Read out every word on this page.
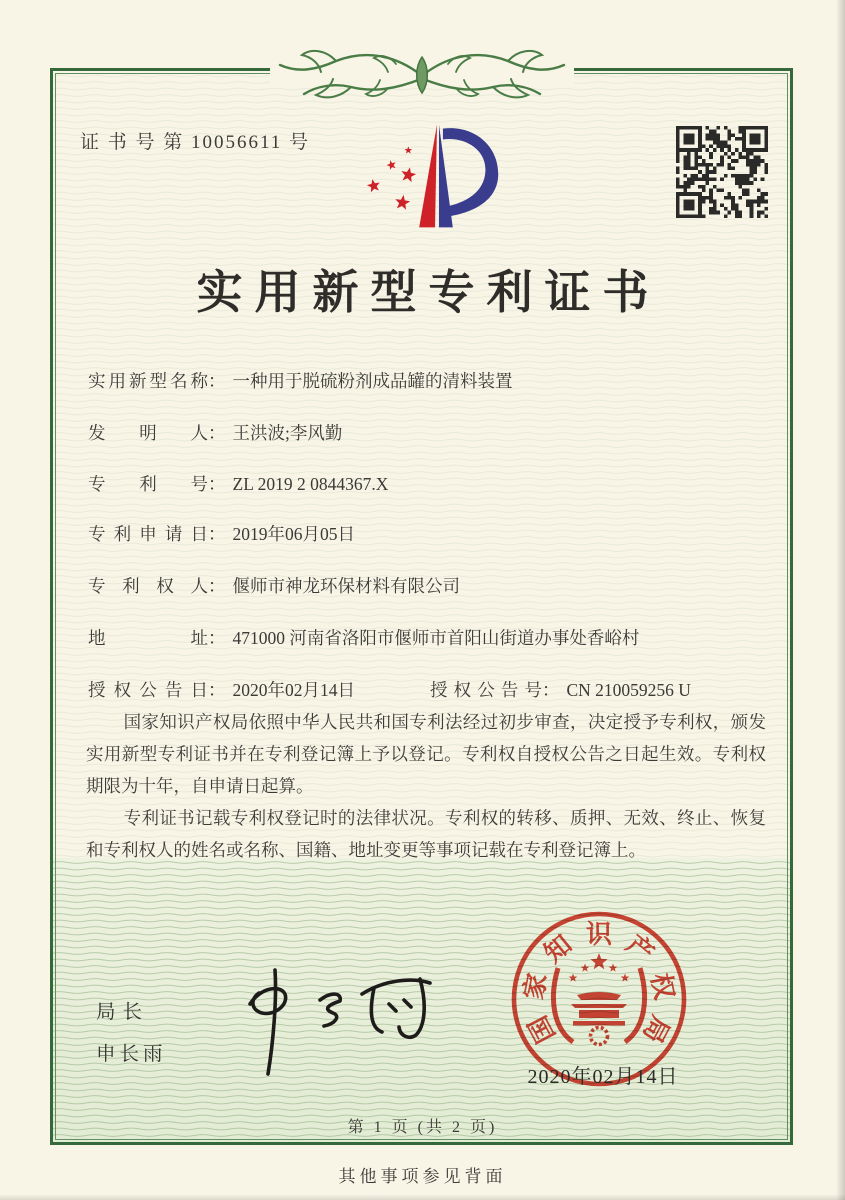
证 书 号 第 10056611 号
实用新型专利证书
实用新型名称： 一种用于脱硫粉剂成品罐的清料装置
发明人： 王洪波;李风勤
专利号： ZL 2019 2 0844367.X
专利申请日： 2019年06月05日
专利权人： 偃师市神龙环保材料有限公司
地址： 471000 河南省洛阳市偃师市首阳山街道办事处香峪村
授权公告日： 2020年02月14日	授权公告号： CN 210059256 U

国家知识产权局依照中华人民共和国专利法经过初步审查，决定授予专利权，颁发实用新型专利证书并在专利登记簿上予以登记。专利权自授权公告之日起生效。专利权期限为十年，自申请日起算。

专利证书记载专利权登记时的法律状况。专利权的转移、质押、无效、终止、恢复和专利权人的姓名或名称、国籍、地址变更等事项记载在专利登记簿上。

局长
申长雨
国
家
知 识 产
权
局
2020年02月14日
第 1 页 (共 2 页)
其他事项参见背面
